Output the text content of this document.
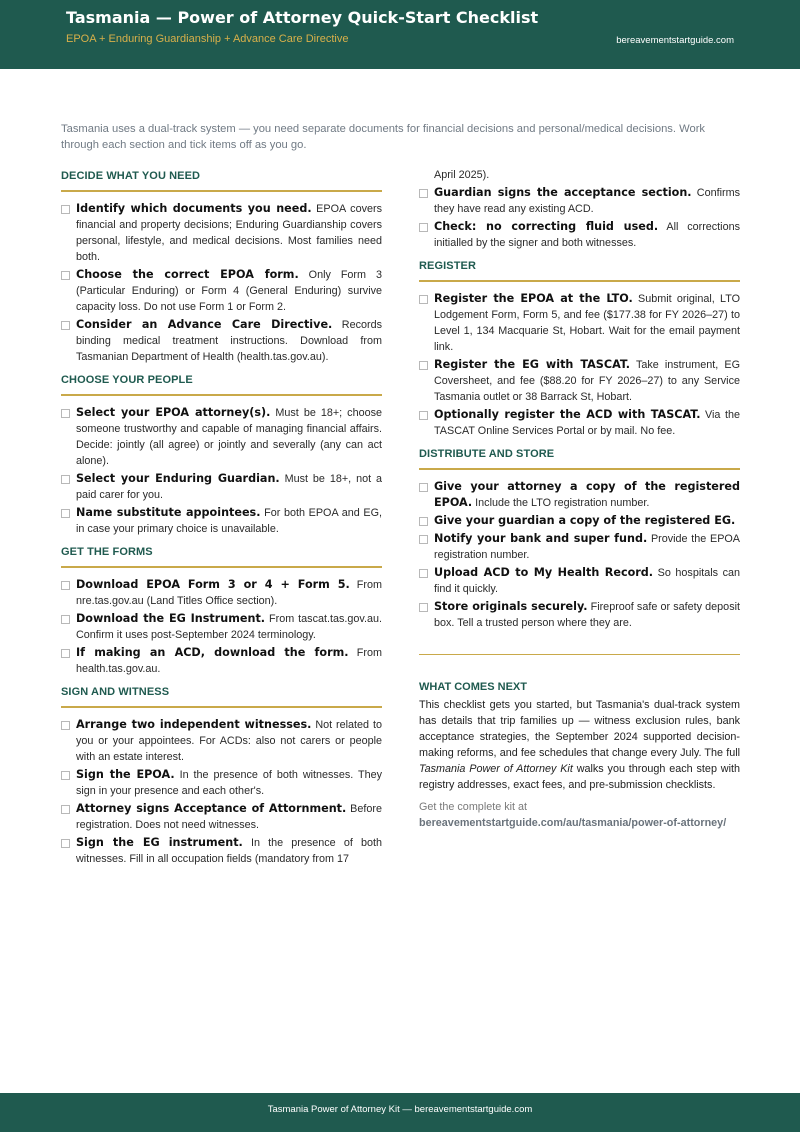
Tasmania — Power of Attorney Quick-Start Checklist
EPOA + Enduring Guardianship + Advance Care Directive	bereavementstartguide.com

Tasmania uses a dual-track system — you need separate documents for financial decisions and personal/medical decisions. Work through each section and tick items off as you go.

DECIDE WHAT YOU NEED
Identify which documents you need. EPOA covers financial and property decisions; Enduring Guardianship covers personal, lifestyle, and medical decisions. Most families need both.
Choose the correct EPOA form. Only Form 3 (Particular Enduring) or Form 4 (General Enduring) survive capacity loss. Do not use Form 1 or Form 2.
Consider an Advance Care Directive. Records binding medical treatment instructions. Download from Tasmanian Department of Health (health.tas.gov.au).
CHOOSE YOUR PEOPLE
Select your EPOA attorney(s). Must be 18+; choose someone trustworthy and capable of managing financial affairs. Decide: jointly (all agree) or jointly and severally (any can act alone).
Select your Enduring Guardian. Must be 18+, not a paid carer for you.
Name substitute appointees. For both EPOA and EG, in case your primary choice is unavailable.
GET THE FORMS
Download EPOA Form 3 or 4 + Form 5. From nre.tas.gov.au (Land Titles Office section).
Download the EG Instrument. From tascat.tas.gov.au. Confirm it uses post-September 2024 terminology.
If making an ACD, download the form. From health.tas.gov.au.
SIGN AND WITNESS
Arrange two independent witnesses. Not related to you or your appointees. For ACDs: also not carers or people with an estate interest.
Sign the EPOA. In the presence of both witnesses. They sign in your presence and each other's.
Attorney signs Acceptance of Attornment. Before registration. Does not need witnesses.
Sign the EG instrument. In the presence of both witnesses. Fill in all occupation fields (mandatory from 17
April 2025).
Guardian signs the acceptance section. Confirms they have read any existing ACD.
Check: no correcting fluid used. All corrections initialled by the signer and both witnesses.
REGISTER
Register the EPOA at the LTO. Submit original, LTO Lodgement Form, Form 5, and fee ($177.38 for FY 2026–27) to Level 1, 134 Macquarie St, Hobart. Wait for the email payment link.
Register the EG with TASCAT. Take instrument, EG Coversheet, and fee ($88.20 for FY 2026–27) to any Service Tasmania outlet or 38 Barrack St, Hobart.
Optionally register the ACD with TASCAT. Via the TASCAT Online Services Portal or by mail. No fee.
DISTRIBUTE AND STORE
Give your attorney a copy of the registered EPOA. Include the LTO registration number.
Give your guardian a copy of the registered EG.
Notify your bank and super fund. Provide the EPOA registration number.
Upload ACD to My Health Record. So hospitals can find it quickly.
Store originals securely. Fireproof safe or safety deposit box. Tell a trusted person where they are.
WHAT COMES NEXT

This checklist gets you started, but Tasmania's dual-track system has details that trip families up — witness exclusion rules, bank acceptance strategies, the September 2024 supported decision-making reforms, and fee schedules that change every July. The full Tasmania Power of Attorney Kit walks you through each step with registry addresses, exact fees, and pre-submission checklists.

Get the complete kit at
bereavementstartguide.com/au/tasmania/power-of-attorney/
Tasmania Power of Attorney Kit — bereavementstartguide.com
